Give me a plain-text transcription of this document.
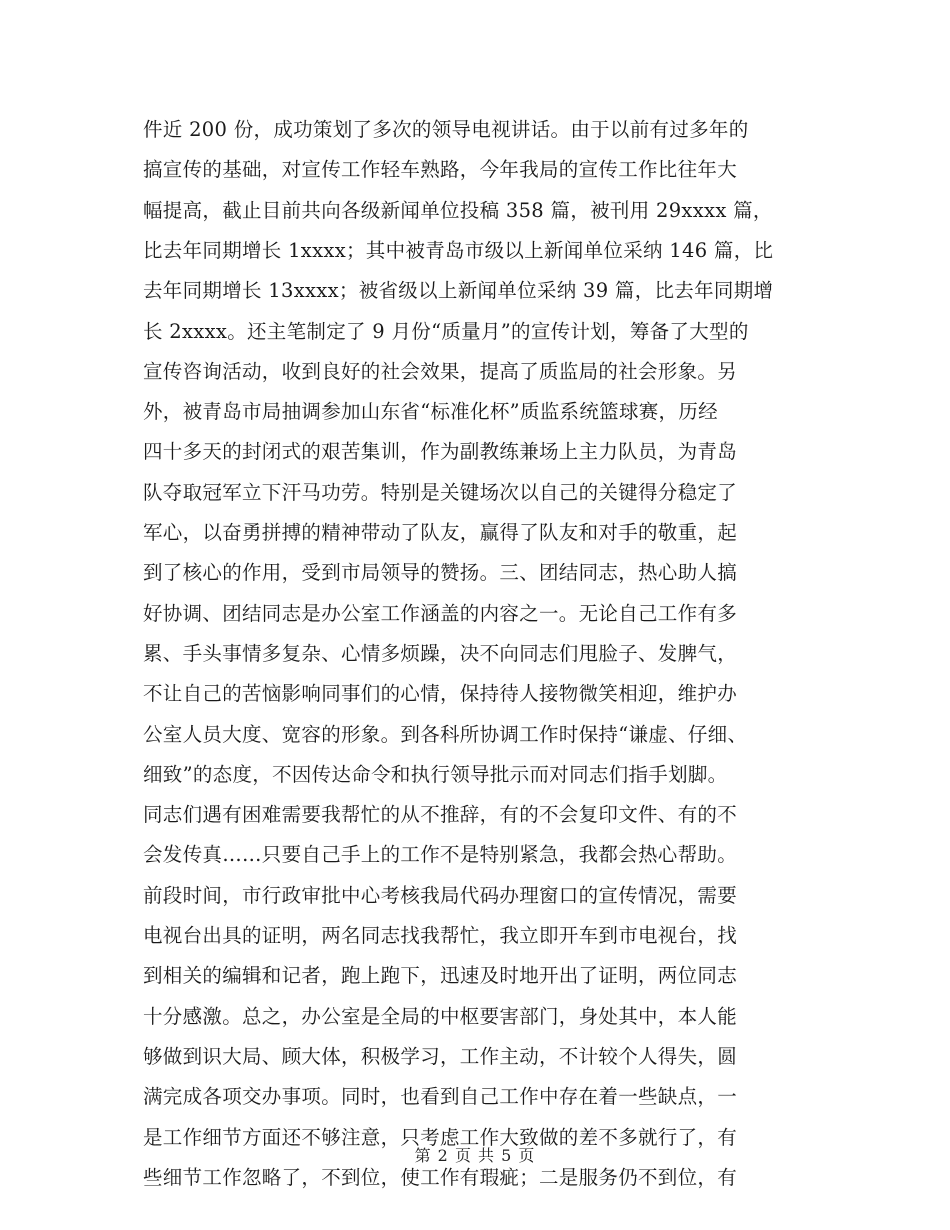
件近 200 份，成功策划了多次的领导电视讲话。由于以前有过多年的
搞宣传的基础，对宣传工作轻车熟路，今年我局的宣传工作比往年大
幅提高，截止目前共向各级新闻单位投稿 358 篇，被刊用 29xxxx 篇，
比去年同期增长 1xxxx；其中被青岛市级以上新闻单位采纳 146 篇，比
去年同期增长 13xxxx；被省级以上新闻单位采纳 39 篇，比去年同期增
长 2xxxx。还主笔制定了 9 月份“质量月”的宣传计划，筹备了大型的
宣传咨询活动，收到良好的社会效果，提高了质监局的社会形象。另
外，被青岛市局抽调参加山东省“标准化杯”质监系统篮球赛，历经
四十多天的封闭式的艰苦集训，作为副教练兼场上主力队员，为青岛
队夺取冠军立下汗马功劳。特别是关键场次以自己的关键得分稳定了
军心，以奋勇拼搏的精神带动了队友，赢得了队友和对手的敬重，起
到了核心的作用，受到市局领导的赞扬。三、团结同志，热心助人搞
好协调、团结同志是办公室工作涵盖的内容之一。无论自己工作有多
累、手头事情多复杂、心情多烦躁，决不向同志们甩脸子、发脾气，
不让自己的苦恼影响同事们的心情，保持待人接物微笑相迎，维护办
公室人员大度、宽容的形象。到各科所协调工作时保持“谦虚、仔细、
细致”的态度，不因传达命令和执行领导批示而对同志们指手划脚。
同志们遇有困难需要我帮忙的从不推辞，有的不会复印文件、有的不
会发传真……只要自己手上的工作不是特别紧急，我都会热心帮助。
前段时间，市行政审批中心考核我局代码办理窗口的宣传情况，需要
电视台出具的证明，两名同志找我帮忙，我立即开车到市电视台，找
到相关的编辑和记者，跑上跑下，迅速及时地开出了证明，两位同志
十分感激。总之，办公室是全局的中枢要害部门，身处其中，本人能
够做到识大局、顾大体，积极学习，工作主动，不计较个人得失，圆
满完成各项交办事项。同时，也看到自己工作中存在着一些缺点，一
是工作细节方面还不够注意，只考虑工作大致做的差不多就行了，有
些细节工作忽略了，不到位，使工作有瑕疵；二是服务仍不到位，有
第 2 页 共 5 页
